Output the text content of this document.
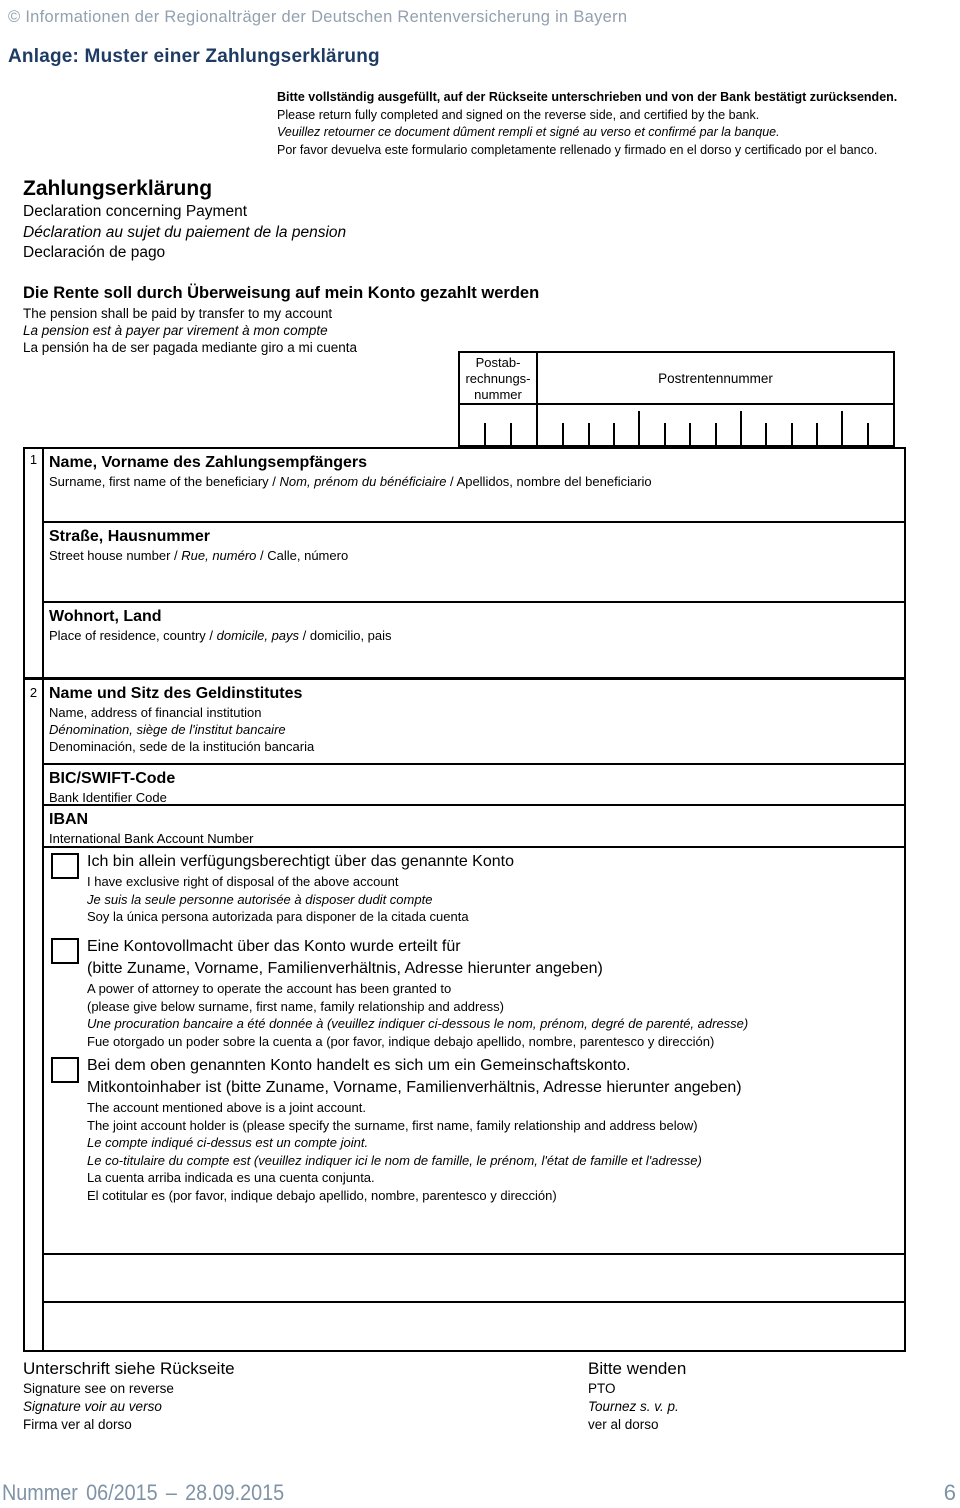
© Informationen der Regionalträger der Deutschen Rentenversicherung in Bayern
Anlage: Muster einer Zahlungserklärung
Bitte vollständig ausgefüllt, auf der Rückseite unterschrieben und von der Bank bestätigt zurücksenden.
Please return fully completed and signed on the reverse side, and certified by the bank.
Veuillez retourner ce document dûment rempli et signé au verso et confirmé par la banque.
Por favor devuelva este formulario completamente rellenado y firmado en el dorso y certificado por el banco.
Zahlungserklärung
Declaration concerning Payment
Déclaration au sujet du paiement de la pension
Declaración de pago
Die Rente soll durch Überweisung auf mein Konto gezahlt werden
The pension shall be paid by transfer to my account
La pension est à payer par virement à mon compte
La pensión ha de ser pagada mediante giro a mi cuenta
Postab-
rechnungs-
nummer
Postrentennummer
1
2
Name, Vorname des Zahlungsempfängers
Surname, first name of the beneficiary / Nom, prénom du bénéficiaire / Apellidos, nombre del beneficiario
Straße, Hausnummer
Street house number / Rue, numéro / Calle, número
Wohnort, Land
Place of residence, country / domicile, pays / domicilio, pais
Name und Sitz des Geldinstitutes
Name, address of financial institution
Dénomination, siège de l'institut bancaire
Denominación, sede de la institución bancaria
BIC/SWIFT-Code
Bank Identifier Code
IBAN
International Bank Account Number
Ich bin allein verfügungsberechtigt über das genannte Konto
I have exclusive right of disposal of the above account
Je suis la seule personne autorisée à disposer dudit compte
Soy la única persona autorizada para disponer de la citada cuenta
Eine Kontovollmacht über das Konto wurde erteilt für
(bitte Zuname, Vorname, Familienverhältnis, Adresse hierunter angeben)
A power of attorney to operate the account has been granted to
(please give below surname, first name, family relationship and address)
Une procuration bancaire a été donnée à (veuillez indiquer ci-dessous le nom, prénom, degré de parenté, adresse)
Fue otorgado un poder sobre la cuenta a (por favor, indique debajo apellido, nombre, parentesco y dirección)
Bei dem oben genannten Konto handelt es sich um ein Gemeinschaftskonto.
Mitkontoinhaber ist (bitte Zuname, Vorname, Familienverhältnis, Adresse hierunter angeben)
The account mentioned above is a joint account.
The joint account holder is (please specify the surname, first name, family relationship and address below)
Le compte indiqué ci-dessus est un compte joint.
Le co-titulaire du compte est (veuillez indiquer ici le nom de famille, le prénom, l'état de famille et l'adresse)
La cuenta arriba indicada es una cuenta conjunta.
El cotitular es (por favor, indique debajo apellido, nombre, parentesco y dirección)
Unterschrift siehe Rückseite
Signature see on reverse
Signature voir au verso
Firma ver al dorso
Bitte wenden
PTO
Tournez s. v. p.
ver al dorso
Nummer 06/2015 – 28.09.2015	6
